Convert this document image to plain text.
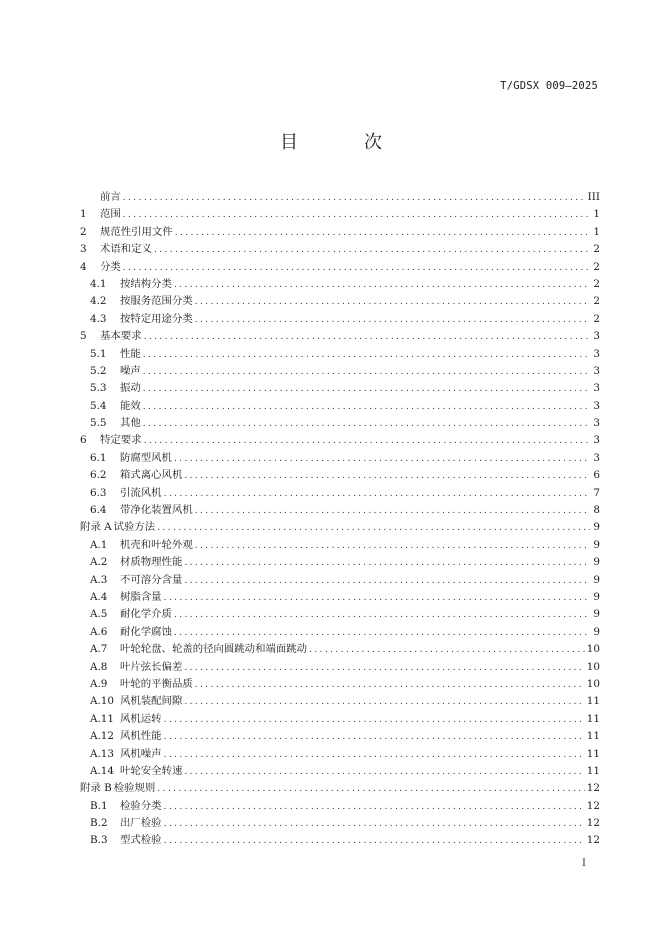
T/GDSX 009—2025
目　次
前言 .....	III
1	范围 .....	1
2	规范性引用文件 .....	1
3	术语和定义 .....	2
4	分类 .....	2
4.1	按结构分类 .....	2
4.2	按服务范围分类 .....	2
4.3	按特定用途分类 .....	2
5	基本要求 .....	3
5.1	性能 .....	3
5.2	噪声 .....	3
5.3	振动 .....	3
5.4	能效 .....	3
5.5	其他 .....	3
6	特定要求 .....	3
6.1	防腐型风机 .....	3
6.2	箱式离心风机 .....	6
6.3	引流风机 .....	7
6.4	带净化装置风机 .....	8
附录 A 试验方法 .....	9
A.1	机壳和叶轮外观 .....	9
A.2	材质物理性能 .....	9
A.3	不可溶分含量 .....	9
A.4	树脂含量 .....	9
A.5	耐化学介质 .....	9
A.6	耐化学腐蚀 .....	9
A.7	叶轮轮盘、轮盖的径向圆跳动和端面跳动 .....	10
A.8	叶片弦长偏差 .....	10
A.9	叶轮的平衡品质 .....	10
A.10 风机装配间隙 .....	11
A.11 风机运转 .....	11
A.12 风机性能 .....	11
A.13 风机噪声 .....	11
A.14 叶轮安全转速 .....	11
附录 B 检验规则 .....	12
B.1	检验分类 .....	12
B.2	出厂检验 .....	12
B.3	型式检验 .....	12
I
